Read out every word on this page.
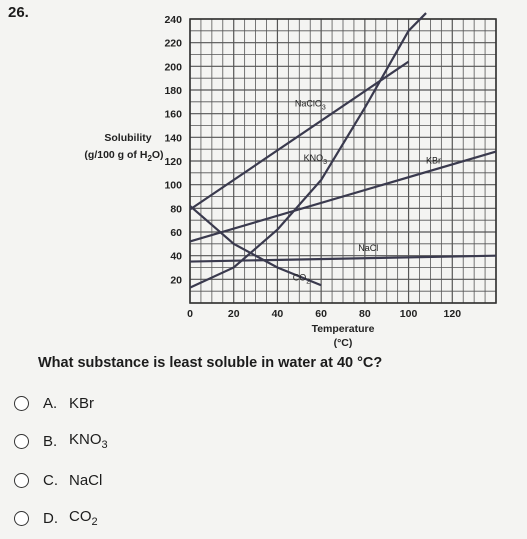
26.
NaClO$_3$
$KNO_3$	KBr
NaCl
$CO_2$
20
40
60
80
100
120
140
160
180
200
220
240
0	20	40	60	80	100 120
Solubility
(g/100 g of $H_2O$)
Temperature
(°C)
What substance is least soluble in water at 40 °C?
A. KBr
B. $KNO_3$
C. NaCl
D. $CO_2$
